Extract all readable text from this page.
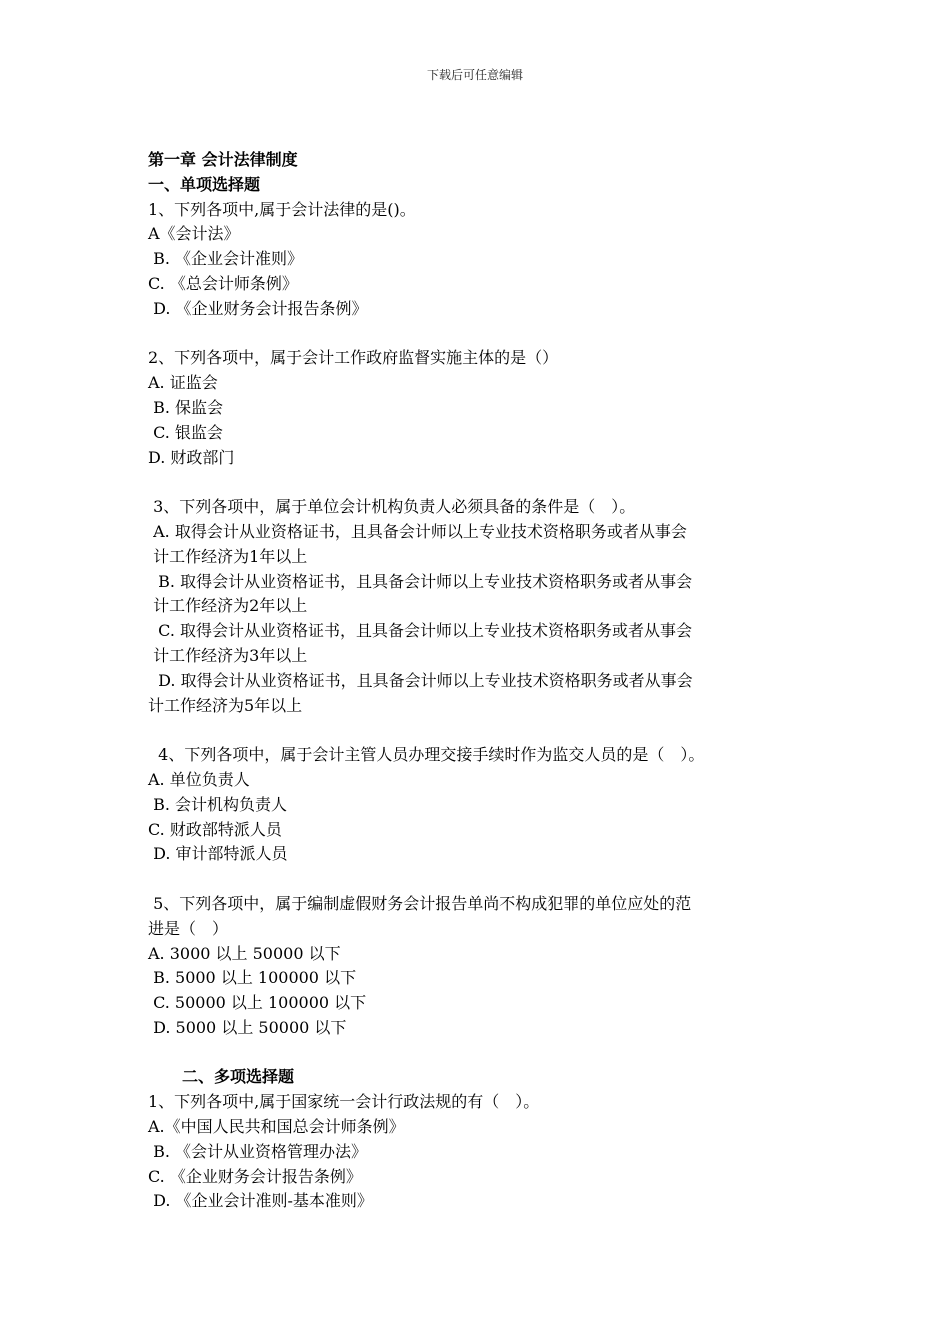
下载后可任意编辑

第一章 会计法律制度

一、单项选择题

1、下列各项中,属于会计法律的是()。

A《会计法》

B. 《企业会计准则》

C. 《总会计师条例》

D. 《企业财务会计报告条例》

2、下列各项中，属于会计工作政府监督实施主体的是（）

A. 证监会

B. 保监会

C. 银监会

D. 财政部门

3、下列各项中，属于单位会计机构负责人必须具备的条件是（　）。

A. 取得会计从业资格证书，且具备会计师以上专业技术资格职务或者从事会

计工作经济为1年以上

B. 取得会计从业资格证书，且具备会计师以上专业技术资格职务或者从事会

计工作经济为2年以上

C. 取得会计从业资格证书，且具备会计师以上专业技术资格职务或者从事会

计工作经济为3年以上

D. 取得会计从业资格证书，且具备会计师以上专业技术资格职务或者从事会

计工作经济为5年以上

4、下列各项中，属于会计主管人员办理交接手续时作为监交人员的是（　）。

A. 单位负责人

B. 会计机构负责人

C. 财政部特派人员

D. 审计部特派人员

5、下列各项中，属于编制虚假财务会计报告单尚不构成犯罪的单位应处的范

进是（　）

A. 3000 以上 50000 以下

B. 5000 以上 100000 以下

C. 50000 以上 100000 以下

D. 5000 以上 50000 以下

二、多项选择题

1、下列各项中,属于国家统一会计行政法规的有（　）。

A.《中国人民共和国总会计师条例》

B. 《会计从业资格管理办法》

C. 《企业财务会计报告条例》

D. 《企业会计准则-基本准则》
